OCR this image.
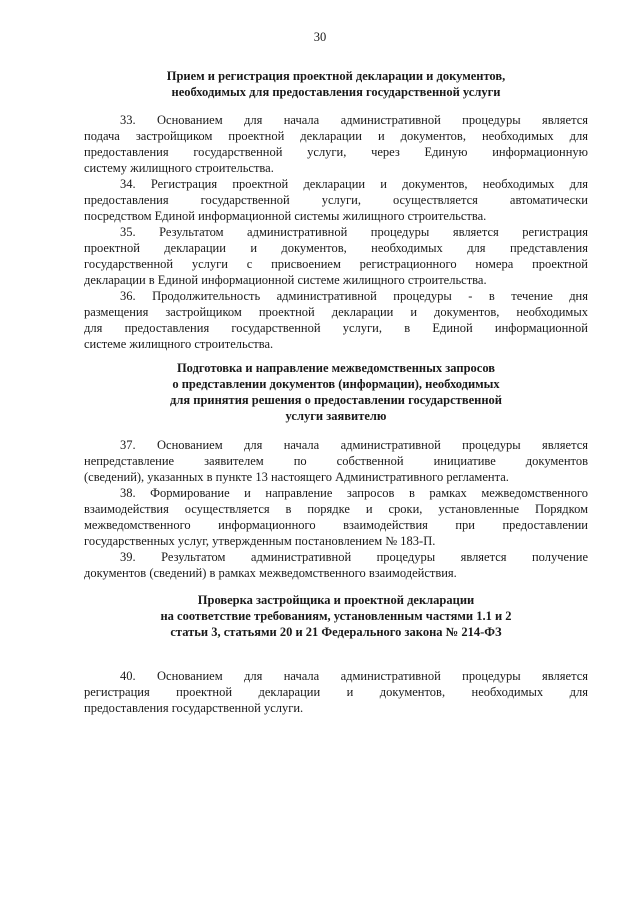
30
Прием и регистрация проектной декларации и документов,
необходимых для предоставления государственной услуги
33. Основанием для начала административной процедуры является
подача застройщиком проектной декларации и документов, необходимых для
предоставления государственной услуги, через Единую информационную
систему жилищного строительства.
34. Регистрация проектной декларации и документов, необходимых для
предоставления государственной услуги, осуществляется автоматически
посредством Единой информационной системы жилищного строительства.
35. Результатом административной процедуры является регистрация
проектной декларации и документов, необходимых для представления
государственной услуги с присвоением регистрационного номера проектной
декларации в Единой информационной системе жилищного строительства.
36. Продолжительность административной процедуры - в течение дня
размещения застройщиком проектной декларации и документов, необходимых
для предоставления государственной услуги, в Единой информационной
системе жилищного строительства.
Подготовка и направление межведомственных запросов
о представлении документов (информации), необходимых
для принятия решения о предоставлении государственной
услуги заявителю
37. Основанием для начала административной процедуры является
непредставление заявителем по собственной инициативе документов
(сведений), указанных в пункте 13 настоящего Административного регламента.
38. Формирование и направление запросов в рамках межведомственного
взаимодействия осуществляется в порядке и сроки, установленные Порядком
межведомственного информационного взаимодействия при предоставлении
государственных услуг, утвержденным постановлением № 183-П.
39. Результатом административной процедуры является получение
документов (сведений) в рамках межведомственного взаимодействия.
Проверка застройщика и проектной декларации
на соответствие требованиям, установленным частями 1.1 и 2
статьи 3, статьями 20 и 21 Федерального закона № 214-ФЗ
40. Основанием для начала административной процедуры является
регистрация проектной декларации и документов, необходимых для
предоставления государственной услуги.
